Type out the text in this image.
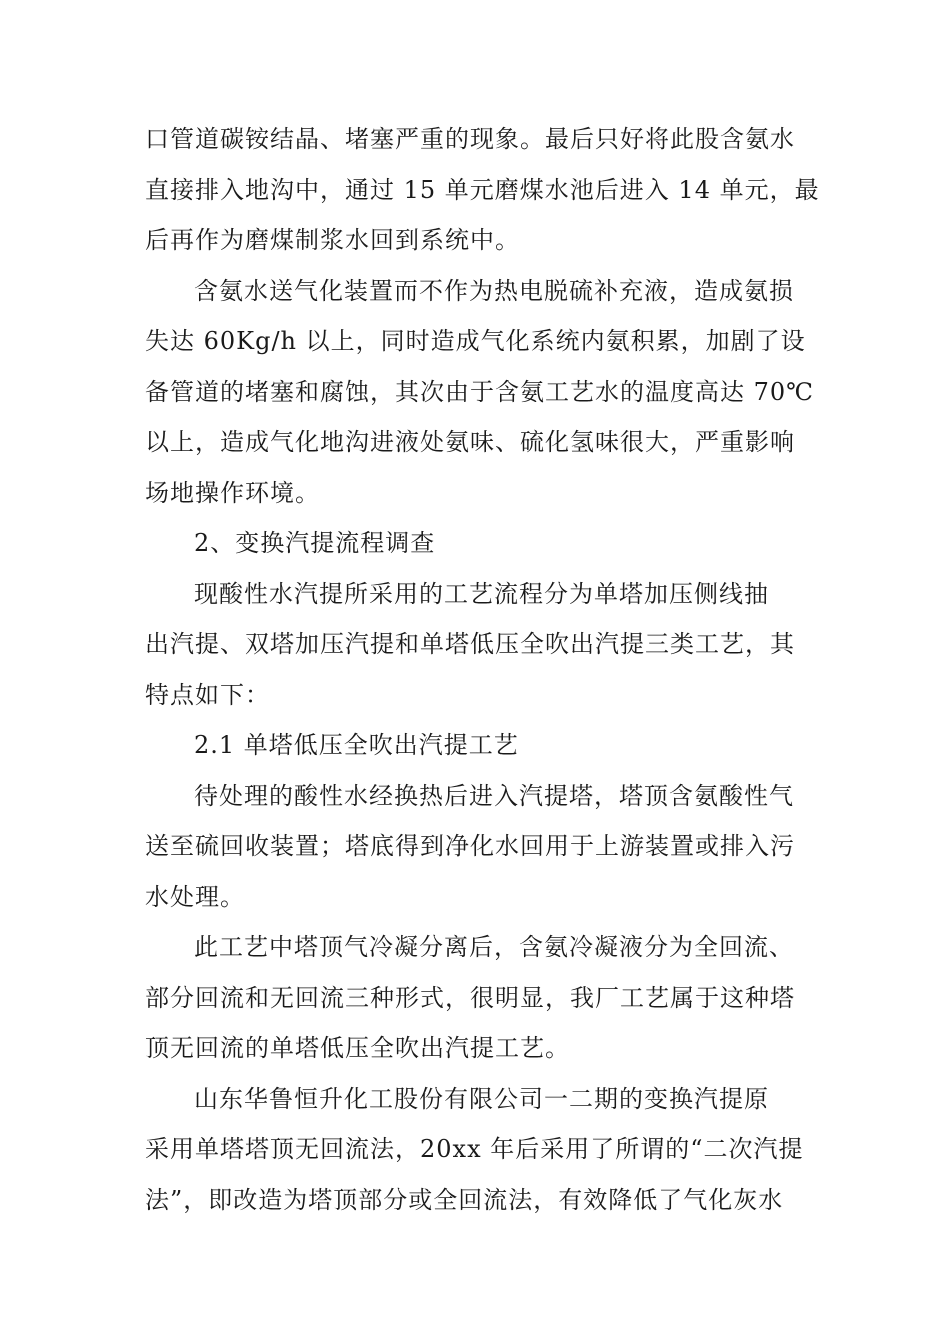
口管道碳铵结晶、堵塞严重的现象。最后只好将此股含氨水
直接排入地沟中，通过 15 单元磨煤水池后进入 14 单元，最
后再作为磨煤制浆水回到系统中。
含氨水送气化装置而不作为热电脱硫补充液，造成氨损
失达 60Kg/h 以上，同时造成气化系统内氨积累，加剧了设
备管道的堵塞和腐蚀，其次由于含氨工艺水的温度高达 70℃
以上，造成气化地沟进液处氨味、硫化氢味很大，严重影响
场地操作环境。
2、变换汽提流程调查
现酸性水汽提所采用的工艺流程分为单塔加压侧线抽
出汽提、双塔加压汽提和单塔低压全吹出汽提三类工艺，其
特点如下：
2.1 单塔低压全吹出汽提工艺
待处理的酸性水经换热后进入汽提塔，塔顶含氨酸性气
送至硫回收装置；塔底得到净化水回用于上游装置或排入污
水处理。
此工艺中塔顶气冷凝分离后，含氨冷凝液分为全回流、
部分回流和无回流三种形式，很明显，我厂工艺属于这种塔
顶无回流的单塔低压全吹出汽提工艺。
山东华鲁恒升化工股份有限公司一二期的变换汽提原
采用单塔塔顶无回流法，20xx 年后采用了所谓的“二次汽提
法”，即改造为塔顶部分或全回流法，有效降低了气化灰水
